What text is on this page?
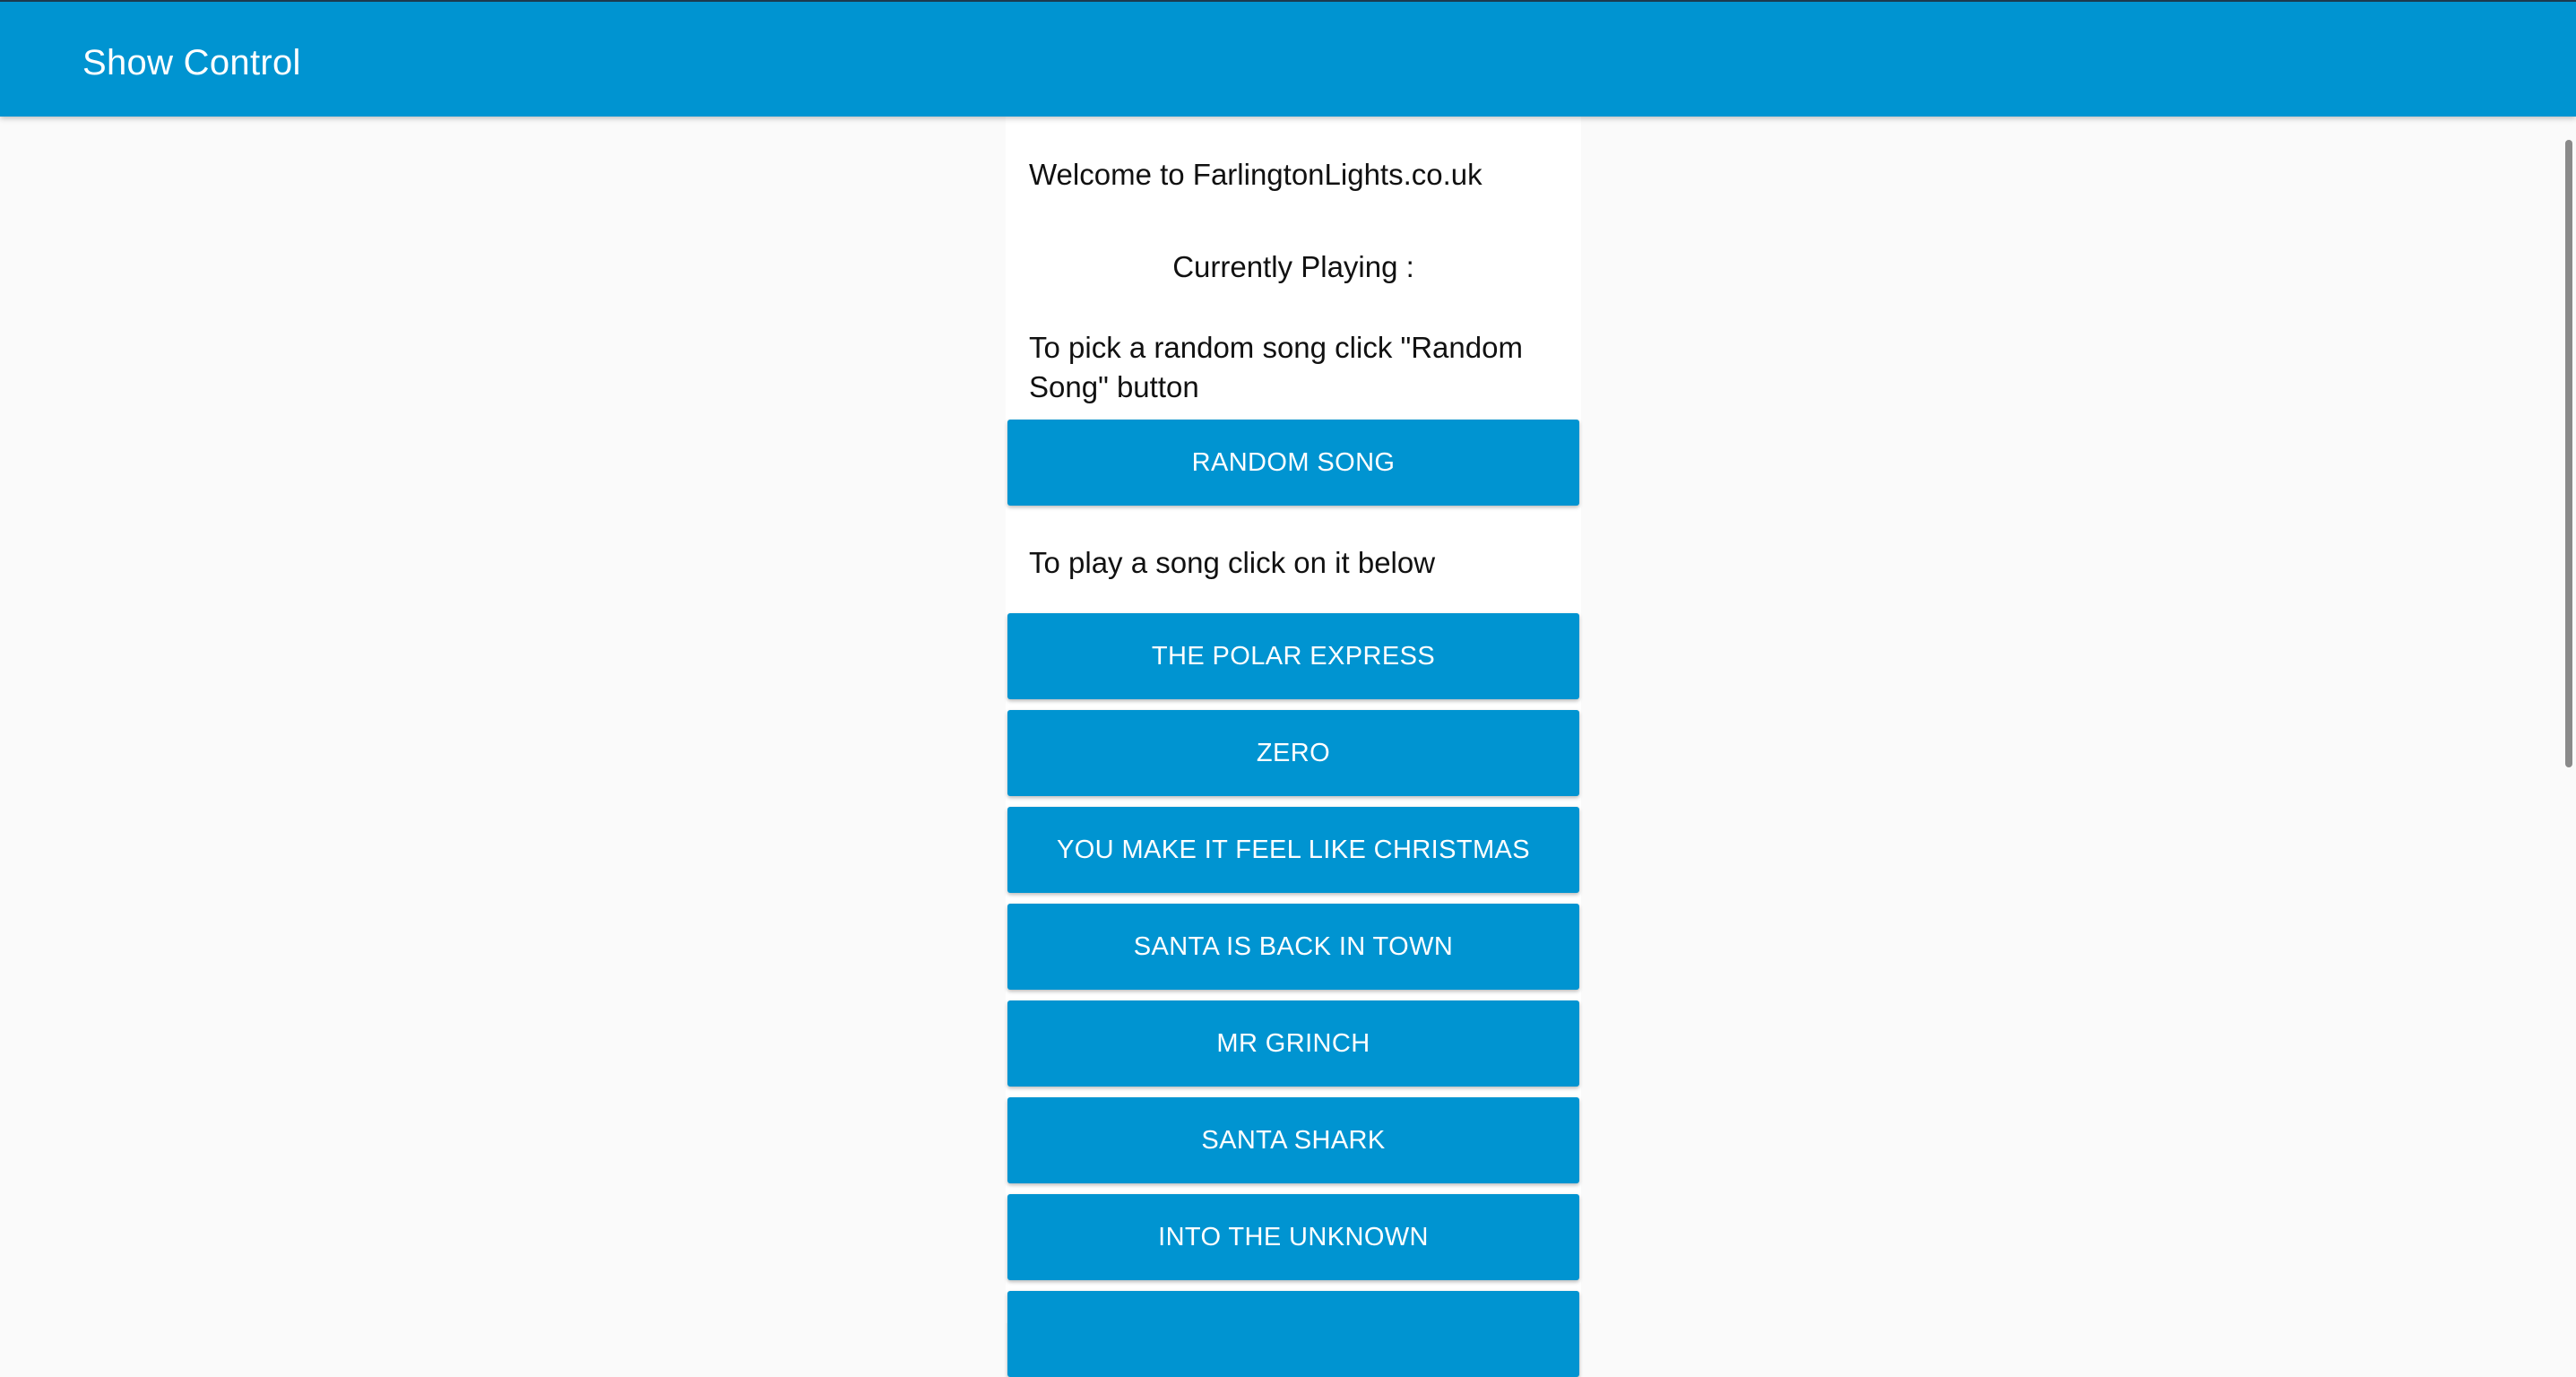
Show Control
Welcome to FarlingtonLights.co.uk
Currently Playing :
To pick a random song click "Random Song" button
RANDOM SONG
To play a song click on it below
THE POLAR EXPRESS
ZERO
YOU MAKE IT FEEL LIKE CHRISTMAS
SANTA IS BACK IN TOWN
MR GRINCH
SANTA SHARK
INTO THE UNKNOWN
